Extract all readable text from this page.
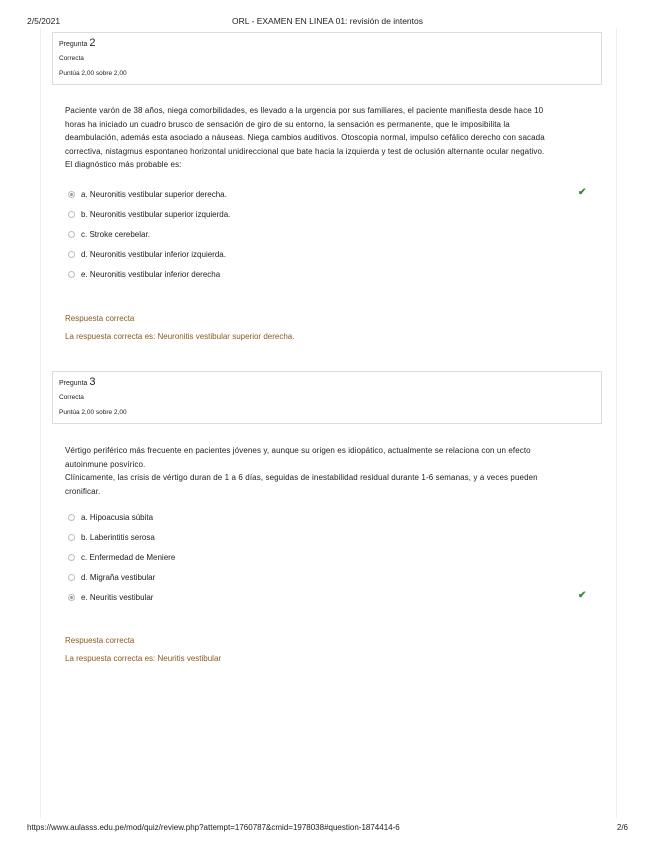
2/5/2021	ORL - EXAMEN EN LINEA 01: revisión de intentos
Pregunta 2
Correcta
Puntúa 2,00 sobre 2,00
Paciente varón de 38 años, niega comorbilidades, es llevado a la urgencia por sus familiares, el paciente manifiesta desde hace 10
horas ha iniciado un cuadro brusco de sensación de giro de su entorno, la sensación es permanente, que le imposibilita la
deambulación, además esta asociado a náuseas. Niega cambios auditivos. Otoscopia normal, impulso cefálico derecho con sacada
correctiva, nistagmus espontaneo horizontal unidireccional que bate hacia la izquierda y test de oclusión alternante ocular negativo.
El diagnóstico más probable es:
a. Neuronitis vestibular superior derecha.	✔
b. Neuronitis vestibular superior izquierda.
c. Stroke cerebelar.
d. Neuronitis vestibular inferior izquierda.
e. Neuronitis vestibular inferior derecha
Respuesta correcta
La respuesta correcta es: Neuronitis vestibular superior derecha.
Pregunta 3
Correcta
Puntúa 2,00 sobre 2,00
Vértigo periférico más frecuente en pacientes jóvenes y, aunque su origen es idiopático, actualmente se relaciona con un efecto
autoinmune posvírico.
Clínicamente, las crisis de vértigo duran de 1 a 6 días, seguidas de inestabilidad residual durante 1-6 semanas, y a veces pueden
cronificar.
a. Hipoacusia súbita
b. Laberintitis serosa
c. Enfermedad de Meniere
d. Migraña vestibular
e. Neuritis vestibular	✔
Respuesta correcta
La respuesta correcta es: Neuritis vestibular
https://www.aulasss.edu.pe/mod/quiz/review.php?attempt=1760787&cmid=1978038#question-1874414-6	2/6
